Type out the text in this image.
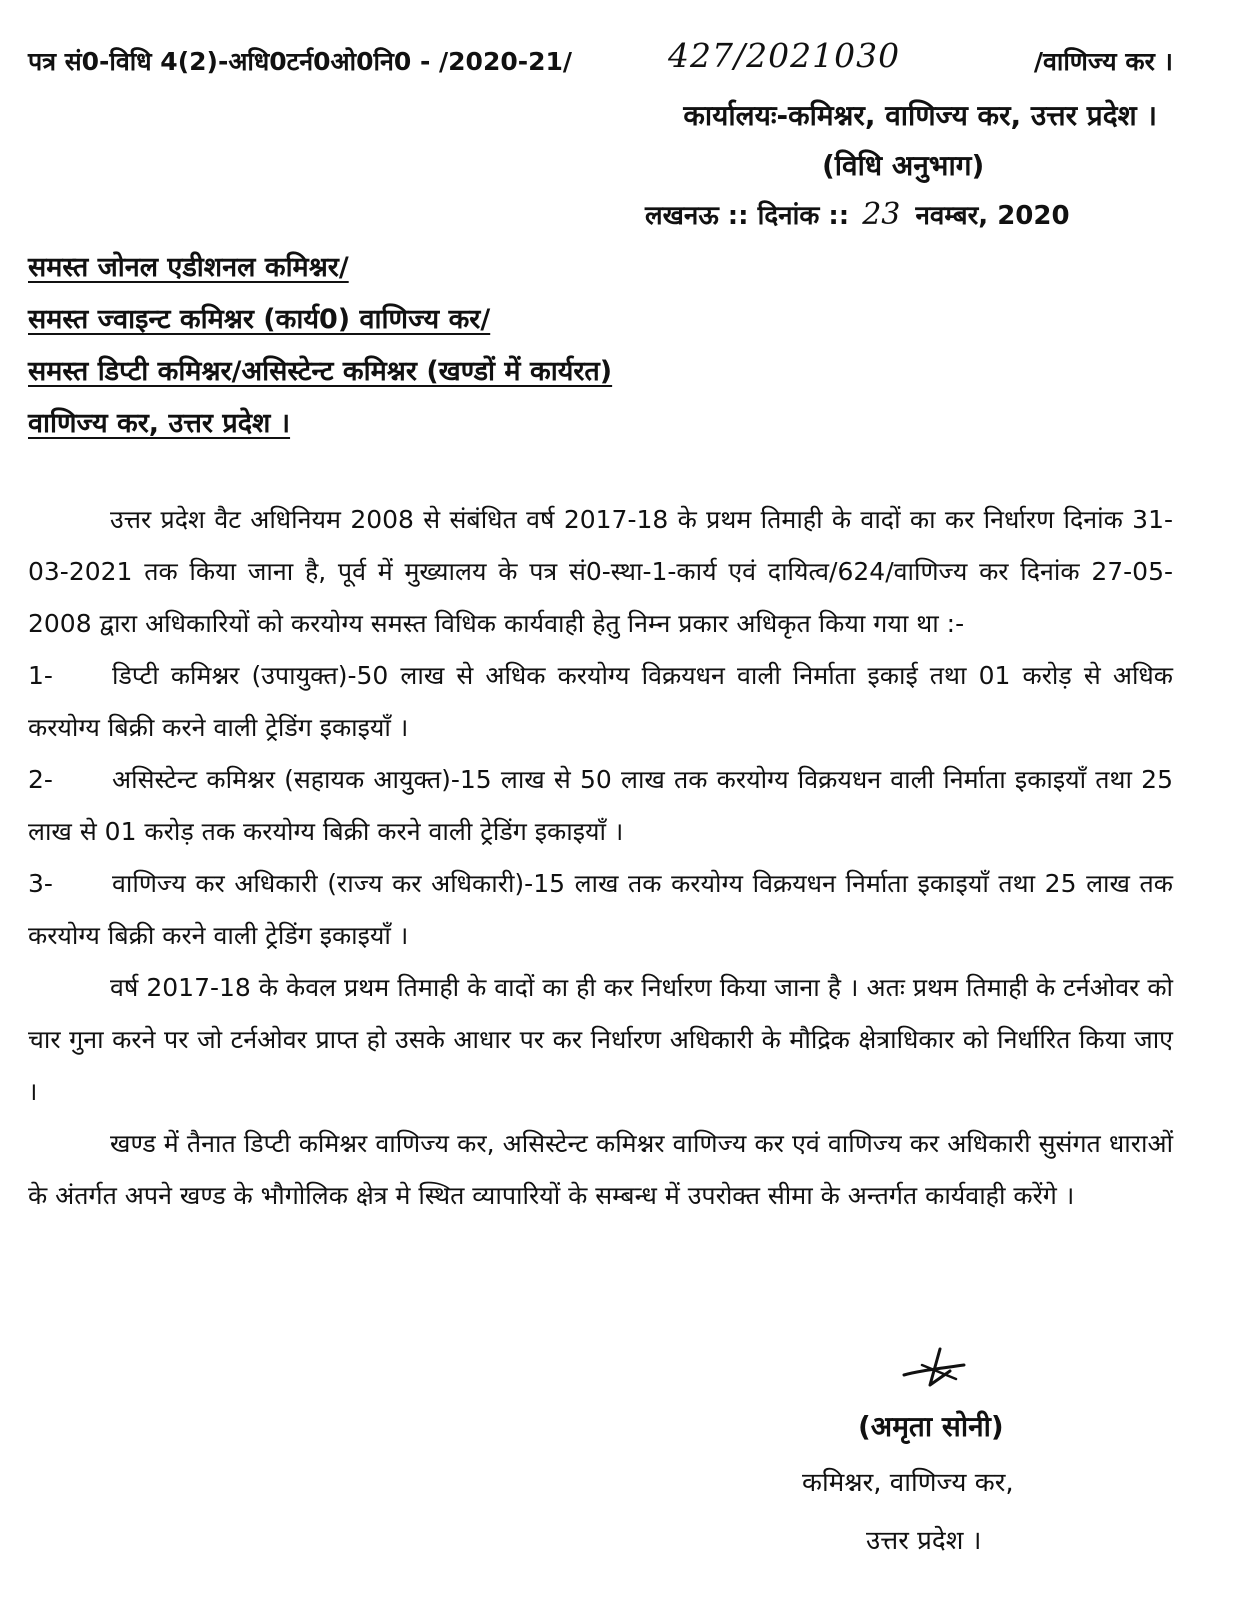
पत्र सं0-विधि 4(2)-अधि0टर्न0ओ0नि0 - /2020-21/	427/2021030	/वाणिज्य कर ।
कार्यालयः-कमिश्नर, वाणिज्य कर, उत्तर प्रदेश ।
(विधि अनुभाग)
लखनऊ :: दिनांक :: 23 नवम्बर, 2020
समस्त जोनल एडीशनल कमिश्नर/
समस्त ज्वाइन्ट कमिश्नर (कार्य0) वाणिज्य कर/
समस्त डिप्टी कमिश्नर/असिस्टेन्ट कमिश्नर (खण्डों में कार्यरत)
वाणिज्य कर, उत्तर प्रदेश ।

उत्तर प्रदेश वैट अधिनियम 2008 से संबंधित वर्ष 2017-18 के प्रथम तिमाही के वादों का कर निर्धारण दिनांक 31-03-2021 तक किया जाना है, पूर्व में मुख्यालय के पत्र सं0-स्था-1-कार्य एवं दायित्व/624/वाणिज्य कर दिनांक 27-05-2008 द्वारा अधिकारियों को करयोग्य समस्त विधिक कार्यवाही हेतु निम्न प्रकार अधिकृत किया गया था :-

1- डिप्टी कमिश्नर (उपायुक्त)-50 लाख से अधिक करयोग्य विक्रयधन वाली निर्माता इकाई तथा 01 करोड़ से अधिक करयोग्य बिक्री करने वाली ट्रेडिंग इकाइयाँ ।

2- असिस्टेन्ट कमिश्नर (सहायक आयुक्त)-15 लाख से 50 लाख तक करयोग्य विक्रयधन वाली निर्माता इकाइयाँ तथा 25 लाख से 01 करोड़ तक करयोग्य बिक्री करने वाली ट्रेडिंग इकाइयाँ ।

3- वाणिज्य कर अधिकारी (राज्य कर अधिकारी)-15 लाख तक करयोग्य विक्रयधन निर्माता इकाइयाँ तथा 25 लाख तक करयोग्य बिक्री करने वाली ट्रेडिंग इकाइयाँ ।

वर्ष 2017-18 के केवल प्रथम तिमाही के वादों का ही कर निर्धारण किया जाना है । अतः प्रथम तिमाही के टर्नओवर को चार गुना करने पर जो टर्नओवर प्राप्त हो उसके आधार पर कर निर्धारण अधिकारी के मौद्रिक क्षेत्राधिकार को निर्धारित किया जाए ।

खण्ड में तैनात डिप्टी कमिश्नर वाणिज्य कर, असिस्टेन्ट कमिश्नर वाणिज्य कर एवं वाणिज्य कर अधिकारी सुसंगत धाराओं के अंतर्गत अपने खण्ड के भौगोलिक क्षेत्र मे स्थित व्यापारियों के सम्बन्ध में उपरोक्त सीमा के अन्तर्गत कार्यवाही करेंगे ।

(अमृता सोनी)
कमिश्नर, वाणिज्य कर,
उत्तर प्रदेश ।
